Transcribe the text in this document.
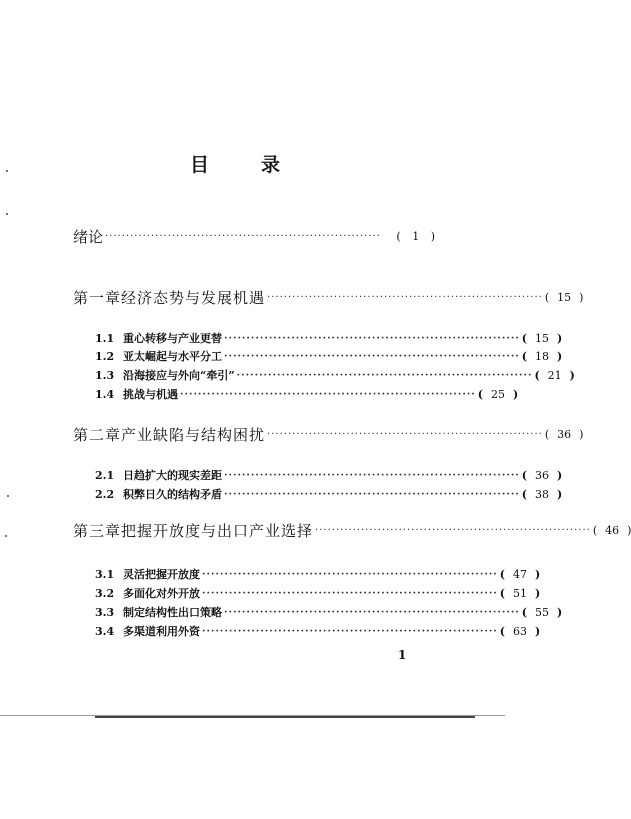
目	录
绪论 ··································································	(	1	)
第一章 经济态势与发展机遇 ·································································· ( 15 )
1.1 重心转移与产业更替 ·································································· ( 15 )
1.2 亚太崛起与水平分工 ·································································· ( 18 )
1.3 沿海接应与外向“牵引” ·································································· ( 21 )
1.4 挑战与机遇 ·································································· ( 25 )
第二章 产业缺陷与结构困扰 ·································································· ( 36 )
2.1 日趋扩大的现实差距 ·································································· ( 36 )
2.2 积弊日久的结构矛盾 ·································································· ( 38 )
第三章 把握开放度与出口产业选择 ·································································· ( 46 )
3.1 灵活把握开放度 ·································································· ( 47 )
3.2 多面化对外开放 ·································································· ( 51 )
3.3 制定结构性出口策略 ·································································· ( 55 )
3.4 多渠道利用外资 ·································································· ( 63 )
1
